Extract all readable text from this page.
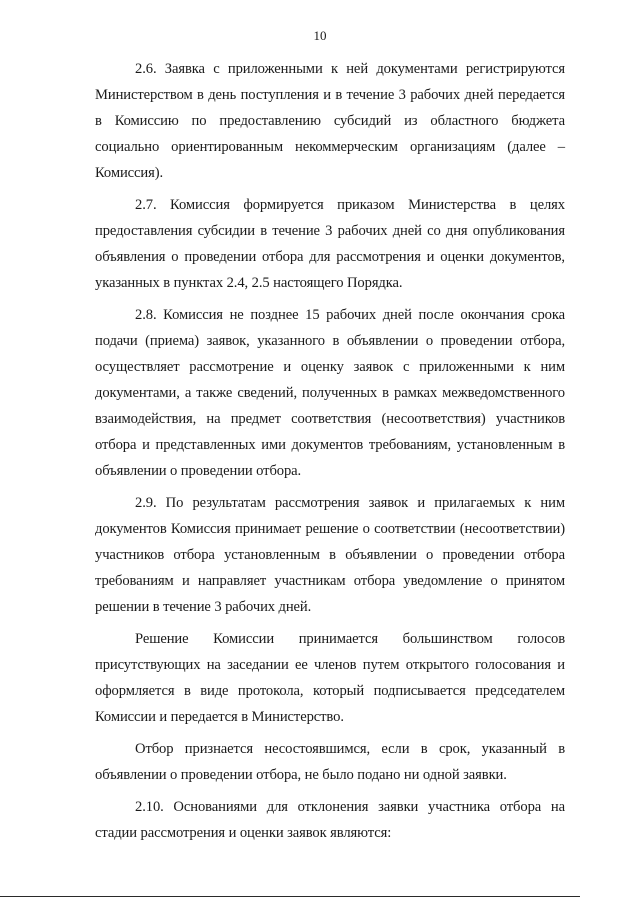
10

2.6. Заявка с приложенными к ней документами регистрируются Министерством в день поступления и в течение 3 рабочих дней передается в Комиссию по предоставлению субсидий из областного бюджета социально ориентированным некоммерческим организациям (далее – Комиссия).

2.7. Комиссия формируется приказом Министерства в целях предоставления субсидии в течение 3 рабочих дней со дня опубликования объявления о проведении отбора для рассмотрения и оценки документов, указанных в пунктах 2.4, 2.5 настоящего Порядка.

2.8. Комиссия не позднее 15 рабочих дней после окончания срока подачи (приема) заявок, указанного в объявлении о проведении отбора, осуществляет рассмотрение и оценку заявок с приложенными к ним документами, а также сведений, полученных в рамках межведомственного взаимодействия, на предмет соответствия (несоответствия) участников отбора и представленных ими документов требованиям, установленным в объявлении о проведении отбора.

2.9. По результатам рассмотрения заявок и прилагаемых к ним документов Комиссия принимает решение о соответствии (несоответствии) участников отбора установленным в объявлении о проведении отбора требованиям и направляет участникам отбора уведомление о принятом решении в течение 3 рабочих дней.

Решение Комиссии принимается большинством голосов присутствующих на заседании ее членов путем открытого голосования и оформляется в виде протокола, который подписывается председателем Комиссии и передается в Министерство.

Отбор признается несостоявшимся, если в срок, указанный в объявлении о проведении отбора, не было подано ни одной заявки.

2.10. Основаниями для отклонения заявки участника отбора на стадии рассмотрения и оценки заявок являются:
